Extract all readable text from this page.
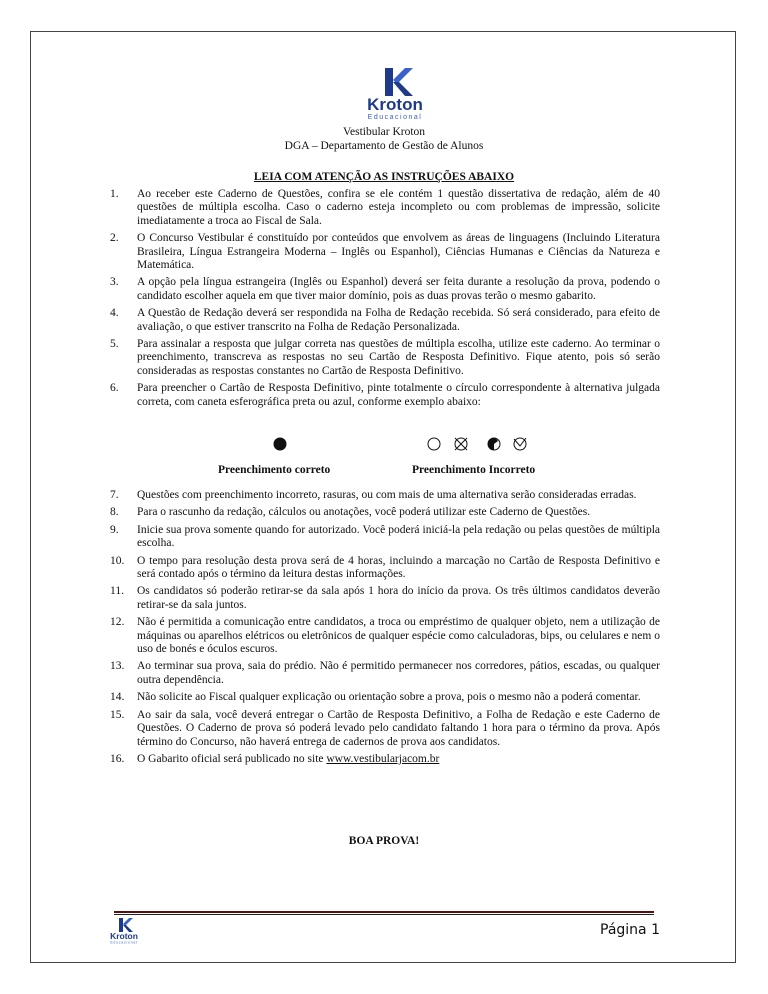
Kroton
Educacional
Vestibular Kroton
DGA – Departamento de Gestão de Alunos
LEIA COM ATENÇÃO AS INSTRUÇÕES ABAIXO
1.	Ao receber este Caderno de Questões, confira se ele contém 1 questão dissertativa de redação, além de 40 questões de múltipla escolha. Caso o caderno esteja incompleto ou com problemas de impressão, solicite imediatamente a troca ao Fiscal de Sala.
2.	O Concurso Vestibular é constituído por conteúdos que envolvem as áreas de linguagens (Incluindo Literatura Brasileira, Língua Estrangeira Moderna – Inglês ou Espanhol), Ciências Humanas e Ciências da Natureza e Matemática.
3.	A opção pela língua estrangeira (Inglês ou Espanhol) deverá ser feita durante a resolução da prova, podendo o candidato escolher aquela em que tiver maior domínio, pois as duas provas terão o mesmo gabarito.
4.	A Questão de Redação deverá ser respondida na Folha de Redação recebida. Só será considerado, para efeito de avaliação, o que estiver transcrito na Folha de Redação Personalizada.
5.	Para assinalar a resposta que julgar correta nas questões de múltipla escolha, utilize este caderno. Ao terminar o preenchimento, transcreva as respostas no seu Cartão de Resposta Definitivo. Fique atento, pois só serão consideradas as respostas constantes no Cartão de Resposta Definitivo.
6.	Para preencher o Cartão de Resposta Definitivo, pinte totalmente o círculo correspondente à alternativa julgada correta, com caneta esferográfica preta ou azul, conforme exemplo abaixo:
Preenchimento correto	Preenchimento Incorreto
7.	Questões com preenchimento incorreto, rasuras, ou com mais de uma alternativa serão consideradas erradas.
8.	Para o rascunho da redação, cálculos ou anotações, você poderá utilizar este Caderno de Questões.
9.	Inicie sua prova somente quando for autorizado. Você poderá iniciá-la pela redação ou pelas questões de múltipla escolha.
10.	O tempo para resolução desta prova será de 4 horas, incluindo a marcação no Cartão de Resposta Definitivo e será contado após o término da leitura destas informações.
11.	Os candidatos só poderão retirar-se da sala após 1 hora do início da prova. Os três últimos candidatos deverão retirar-se da sala juntos.
12.	Não é permitida a comunicação entre candidatos, a troca ou empréstimo de qualquer objeto, nem a utilização de máquinas ou aparelhos elétricos ou eletrônicos de qualquer espécie como calculadoras, bips, ou celulares e nem o uso de bonés e óculos escuros.
13.	Ao terminar sua prova, saia do prédio. Não é permitido permanecer nos corredores, pátios, escadas, ou qualquer outra dependência.
14.	Não solicite ao Fiscal qualquer explicação ou orientação sobre a prova, pois o mesmo não a poderá comentar.
15.	Ao sair da sala, você deverá entregar o Cartão de Resposta Definitivo, a Folha de Redação e este Caderno de Questões. O Caderno de prova só poderá levado pelo candidato faltando 1 hora para o término da prova. Após término do Concurso, não haverá entrega de cadernos de prova aos candidatos.
16.	O Gabarito oficial será publicado no site www.vestibularjacom.br
BOA PROVA!
Kroton
Educacional
Página 1
